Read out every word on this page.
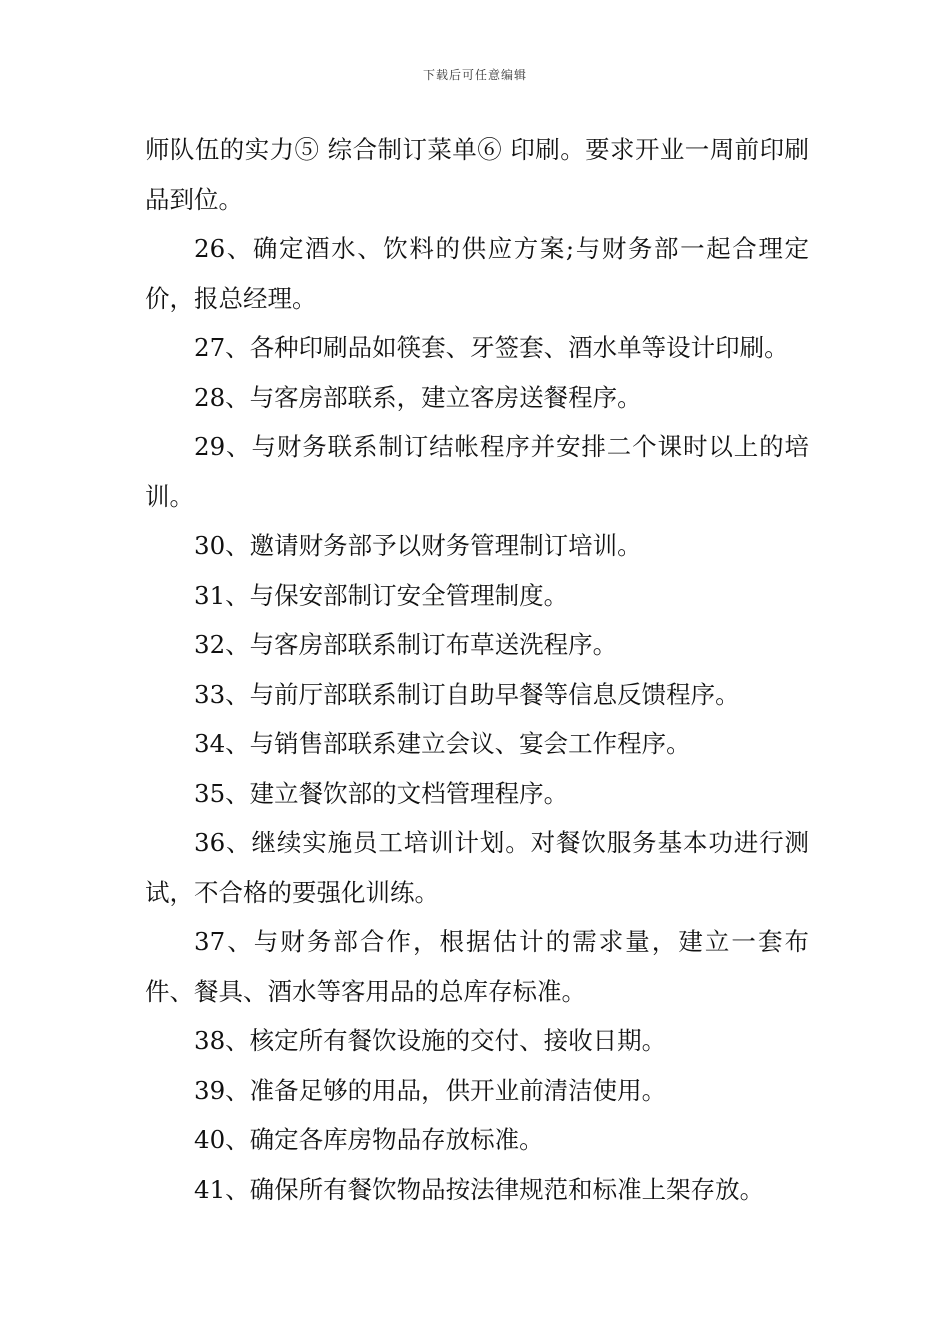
下载后可任意编辑

师队伍的实力⑤ 综合制订菜单⑥ 印刷。要求开业一周前印刷品到位。

26、确定酒水、饮料的供应方案;与财务部一起合理定价，报总经理。

27、各种印刷品如筷套、牙签套、酒水单等设计印刷。

28、与客房部联系，建立客房送餐程序。

29、与财务联系制订结帐程序并安排二个课时以上的培训。

30、邀请财务部予以财务管理制订培训。

31、与保安部制订安全管理制度。

32、与客房部联系制订布草送洗程序。

33、与前厅部联系制订自助早餐等信息反馈程序。

34、与销售部联系建立会议、宴会工作程序。

35、建立餐饮部的文档管理程序。

36、继续实施员工培训计划。对餐饮服务基本功进行测试，不合格的要强化训练。

37、与财务部合作，根据估计的需求量，建立一套布件、餐具、酒水等客用品的总库存标准。

38、核定所有餐饮设施的交付、接收日期。

39、准备足够的用品，供开业前清洁使用。

40、确定各库房物品存放标准。

41、确保所有餐饮物品按法律规范和标准上架存放。
